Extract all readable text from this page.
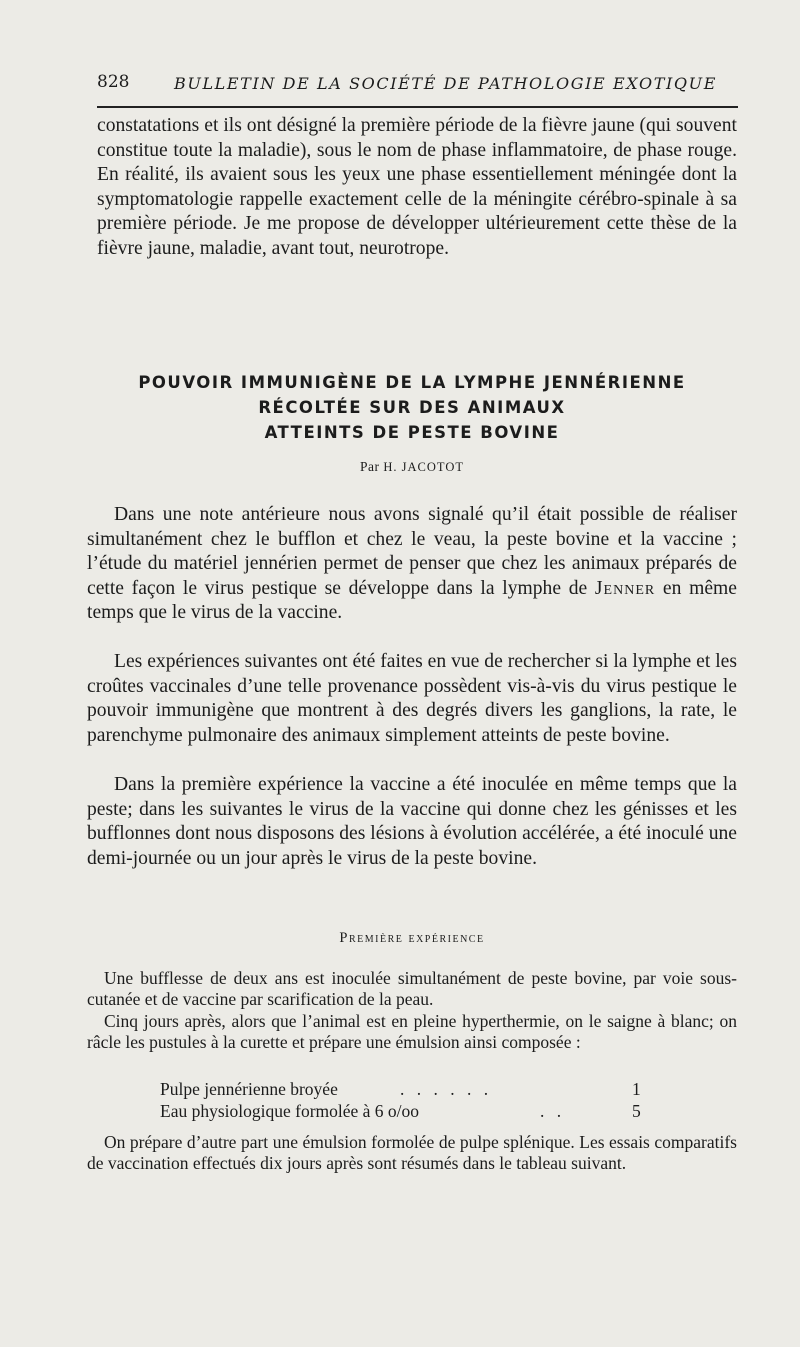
828	BULLETIN DE LA SOCIÉTÉ DE PATHOLOGIE EXOTIQUE

constatations et ils ont désigné la première période de la fièvre jaune (qui souvent constitue toute la maladie), sous le nom de phase inflammatoire, de phase rouge. En réalité, ils avaient sous les yeux une phase essentiellement méningée dont la symptomatologie rappelle exactement celle de la méningite cérébro-spinale à sa première période. Je me propose de développer ultérieurement cette thèse de la fièvre jaune, maladie, avant tout, neurotrope.

POUVOIR IMMUNIGÈNE DE LA LYMPHE JENNÉRIENNE
RÉCOLTÉE SUR DES ANIMAUX
ATTEINTS DE PESTE BOVINE
Par H. JACOTOT

Dans une note antérieure nous avons signalé qu’il était possible de réaliser simultanément chez le bufflon et chez le veau, la peste bovine et la vaccine ; l’étude du matériel jennérien permet de penser que chez les animaux préparés de cette façon le virus pestique se développe dans la lymphe de Jenner en même temps que le virus de la vaccine.

Les expériences suivantes ont été faites en vue de rechercher si la lymphe et les croûtes vaccinales d’une telle provenance possèdent vis-à-vis du virus pestique le pouvoir immunigène que montrent à des degrés divers les ganglions, la rate, le parenchyme pulmonaire des animaux simplement atteints de peste bovine.

Dans la première expérience la vaccine a été inoculée en même temps que la peste; dans les suivantes le virus de la vaccine qui donne chez les génisses et les bufflonnes dont nous disposons des lésions à évolution accélérée, a été inoculé une demi-journée ou un jour après le virus de la peste bovine.

Première expérience

Une bufflesse de deux ans est inoculée simultanément de peste bovine, par voie sous-cutanée et de vaccine par scarification de la peau.

Cinq jours après, alors que l’animal est en pleine hyperthermie, on le saigne à blanc; on râcle les pustules à la curette et prépare une émulsion ainsi composée :

Pulpe jennérienne broyée	. . . . . .	1
Eau physiologique formolée à 6 o/oo	. .	5

On prépare d’autre part une émulsion formolée de pulpe splénique. Les essais comparatifs de vaccination effectués dix jours après sont résumés dans le tableau suivant.
